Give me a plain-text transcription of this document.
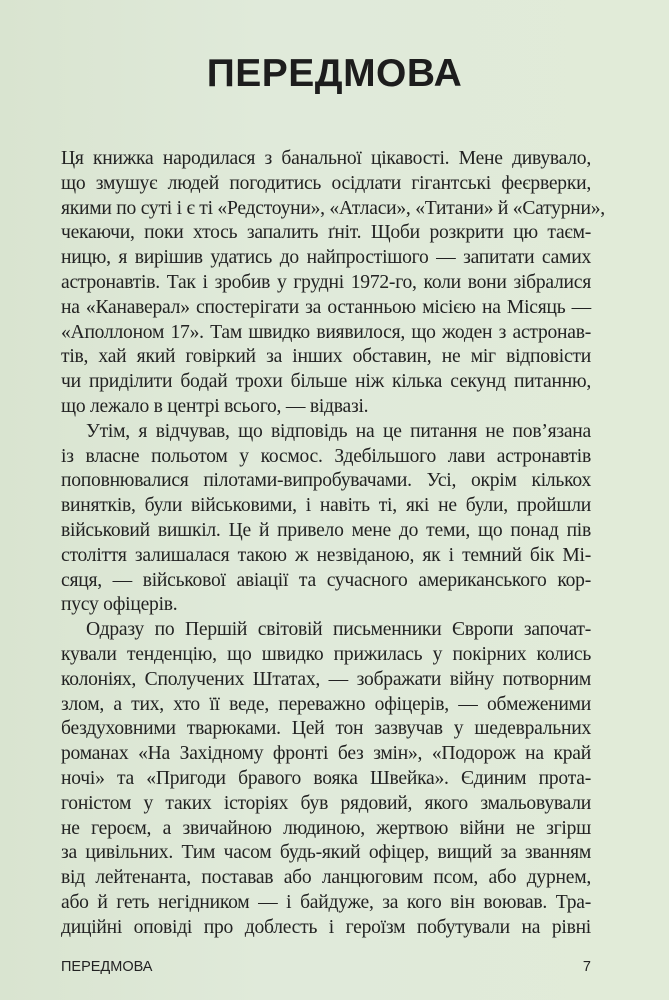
ПЕРЕДМОВА
Ця книжка народилася з банальної цікавості. Мене дивувало,
що змушує людей погодитись осідлати гігантські феєрверки,
якими по суті і є ті «Редстоуни», «Атласи», «Титани» й «Сатурни»,
чекаючи, поки хтось запалить ґніт. Щоби розкрити цю таєм-
ницю, я вирішив удатись до найпростішого — запитати самих
астронавтів. Так і зробив у грудні 1972-го, коли вони зібралися
на «Канаверал» спостерігати за останньою місією на Місяць —
«Аполлоном 17». Там швидко виявилося, що жоден з астронав-
тів, хай який говіркий за інших обставин, не міг відповісти
чи приділити бодай трохи більше ніж кілька секунд питанню,
що лежало в центрі всього, — відвазі.
Утім, я відчував, що відповідь на це питання не пов’язана
із власне польотом у космос. Здебільшого лави астронавтів
поповнювалися пілотами-випробувачами. Усі, окрім кількох
винятків, були військовими, і навіть ті, які не були, пройшли
військовий вишкіл. Це й привело мене до теми, що понад пів
століття залишалася такою ж незвіданою, як і темний бік Мі-
сяця, — військової авіації та сучасного американського кор-
пусу офіцерів.
Одразу по Першій світовій письменники Європи започат-
кували тенденцію, що швидко прижилась у покірних колись
колоніях, Сполучених Штатах, — зображати війну потворним
злом, а тих, хто її веде, переважно офіцерів, — обмеженими
бездуховними тварюками. Цей тон зазвучав у шедевральних
романах «На Західному фронті без змін», «Подорож на край
ночі» та «Пригоди бравого вояка Швейка». Єдиним прота-
гоністом у таких історіях був рядовий, якого змальовували
не героєм, а звичайною людиною, жертвою війни не згірш
за цивільних. Тим часом будь-який офіцер, вищий за званням
від лейтенанта, поставав або ланцюговим псом, або дурнем,
або й геть негідником — і байдуже, за кого він воював. Тра-
диційні оповіді про доблесть і героїзм побутували на рівні
ПЕРЕДМОВА	7
